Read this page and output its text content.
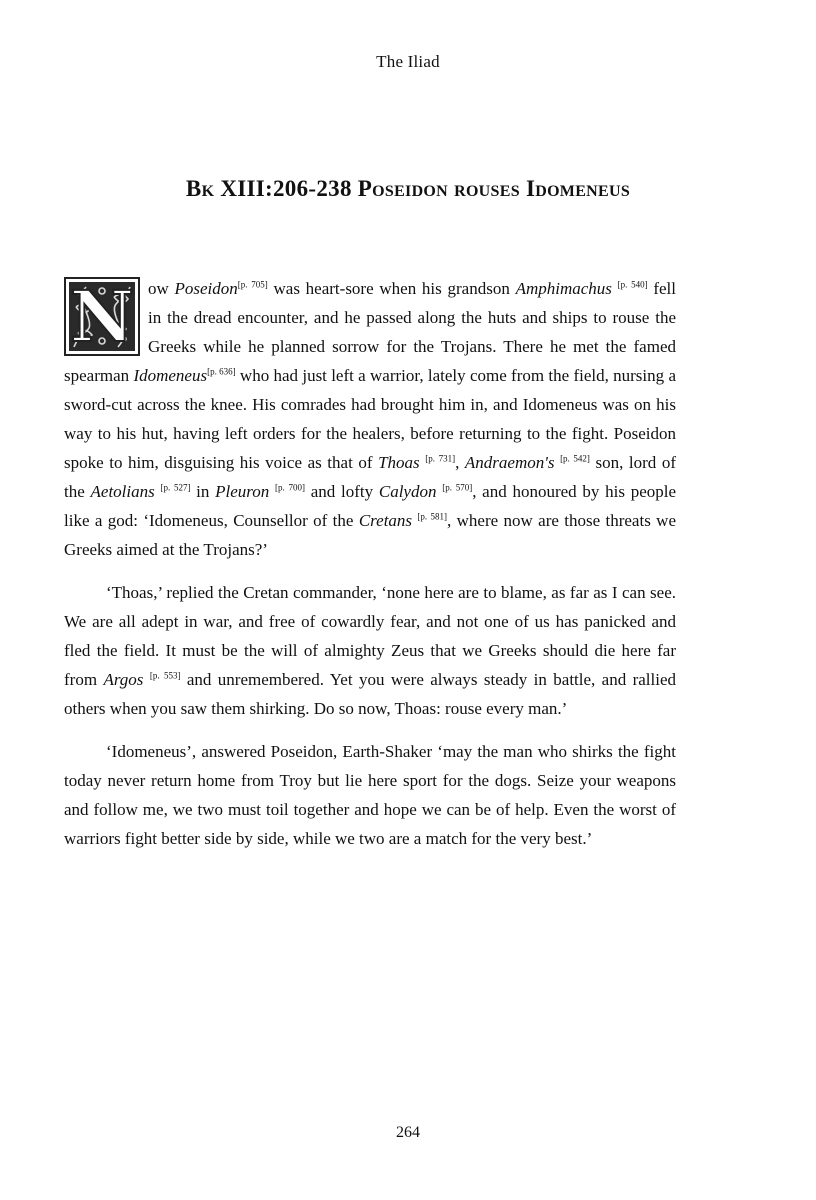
The Iliad
Bk XIII:206-238 Poseidon rouses Idomeneus

N ow Poseidon[p. 705] was heart-sore when his grandson Amphimachus [p. 540] fell in the dread encounter, and he passed along the huts and ships to rouse the Greeks while he planned sorrow for the Trojans. There he met the famed spearman Idomeneus[p. 636] who had just left a warrior, lately come from the field, nursing a sword-cut across the knee. His comrades had brought him in, and Idomeneus was on his way to his hut, having left orders for the healers, before returning to the fight. Poseidon spoke to him, disguising his voice as that of Thoas [p. 731], Andraemon's [p. 542] son, lord of the Aetolians [p. 527] in Pleuron [p. 700] and lofty Calydon [p. 570], and honoured by his people like a god: ‘Idomeneus, Counsellor of the Cretans [p. 581], where now are those threats we Greeks aimed at the Trojans?’

‘Thoas,’ replied the Cretan commander, ‘none here are to blame, as far as I can see. We are all adept in war, and free of cowardly fear, and not one of us has panicked and fled the field. It must be the will of almighty Zeus that we Greeks should die here far from Argos [p. 553] and unremembered. Yet you were always steady in battle, and rallied others when you saw them shirking. Do so now, Thoas: rouse every man.’

‘Idomeneus’, answered Poseidon, Earth-Shaker ‘may the man who shirks the fight today never return home from Troy but lie here sport for the dogs. Seize your weapons and follow me, we two must toil together and hope we can be of help. Even the worst of warriors fight better side by side, while we two are a match for the very best.’

264
